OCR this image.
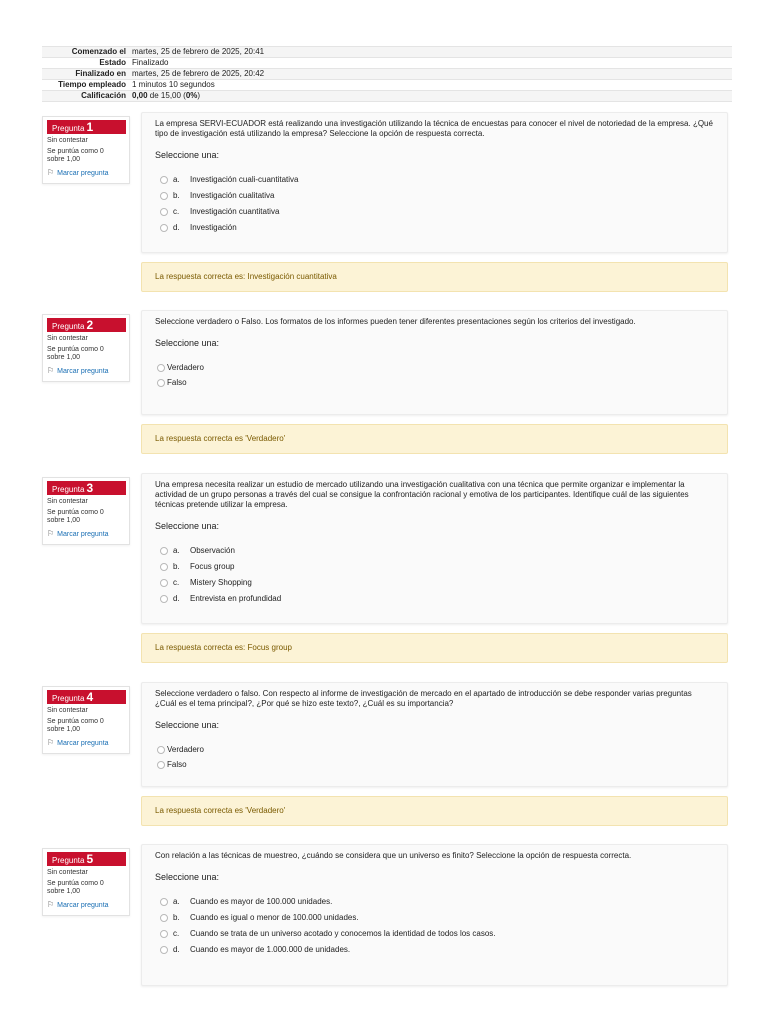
Comenzado el	martes, 25 de febrero de 2025, 20:41
Estado	Finalizado
Finalizado en	martes, 25 de febrero de 2025, 20:42
Tiempo empleado	1 minutos 10 segundos
Calificación	0,00 de 15,00 (0%)
Pregunta 1
Sin contestar
Se puntúa como 0 sobre 1,00
⚐ Marcar pregunta
La empresa SERVI-ECUADOR está realizando una investigación utilizando la técnica de encuestas para conocer el nivel de notoriedad de la empresa. ¿Qué tipo de investigación está utilizando la empresa? Seleccione la opción de respuesta correcta.
Seleccione una:
a.	Investigación cuali-cuantitativa
b.	Investigación cualitativa
c.	Investigación cuantitativa
d.	Investigación
La respuesta correcta es: Investigación cuantitativa
Pregunta 2
Sin contestar
Se puntúa como 0 sobre 1,00
⚐ Marcar pregunta
Seleccione verdadero o Falso. Los formatos de los informes pueden tener diferentes presentaciones según los criterios del investigado.
Seleccione una:
Verdadero
Falso
La respuesta correcta es 'Verdadero'
Pregunta 3
Sin contestar
Se puntúa como 0 sobre 1,00
⚐ Marcar pregunta
Una empresa necesita realizar un estudio de mercado utilizando una investigación cualitativa con una técnica que permite organizar e implementar la actividad de un grupo personas a través del cual se consigue la confrontación racional y emotiva de los participantes. Identifique cuál de las siguientes técnicas pretende utilizar la empresa.
Seleccione una:
a.	Observación
b.	Focus group
c.	Mistery Shopping
d.	Entrevista en profundidad
La respuesta correcta es: Focus group
Pregunta 4
Sin contestar
Se puntúa como 0 sobre 1,00
⚐ Marcar pregunta
Seleccione verdadero o falso. Con respecto al informe de investigación de mercado en el apartado de introducción se debe responder varias preguntas ¿Cuál es el tema principal?, ¿Por qué se hizo este texto?, ¿Cuál es su importancia?
Seleccione una:
Verdadero
Falso
La respuesta correcta es 'Verdadero'
Pregunta 5
Sin contestar
Se puntúa como 0 sobre 1,00
⚐ Marcar pregunta
Con relación a las técnicas de muestreo, ¿cuándo se considera que un universo es finito? Seleccione la opción de respuesta correcta.
Seleccione una:
a.	Cuando es mayor de 100.000 unidades.
b.	Cuando es igual o menor de 100.000 unidades.
c.	Cuando se trata de un universo acotado y conocemos la identidad de todos los casos.
d.	Cuando es mayor de 1.000.000 de unidades.
